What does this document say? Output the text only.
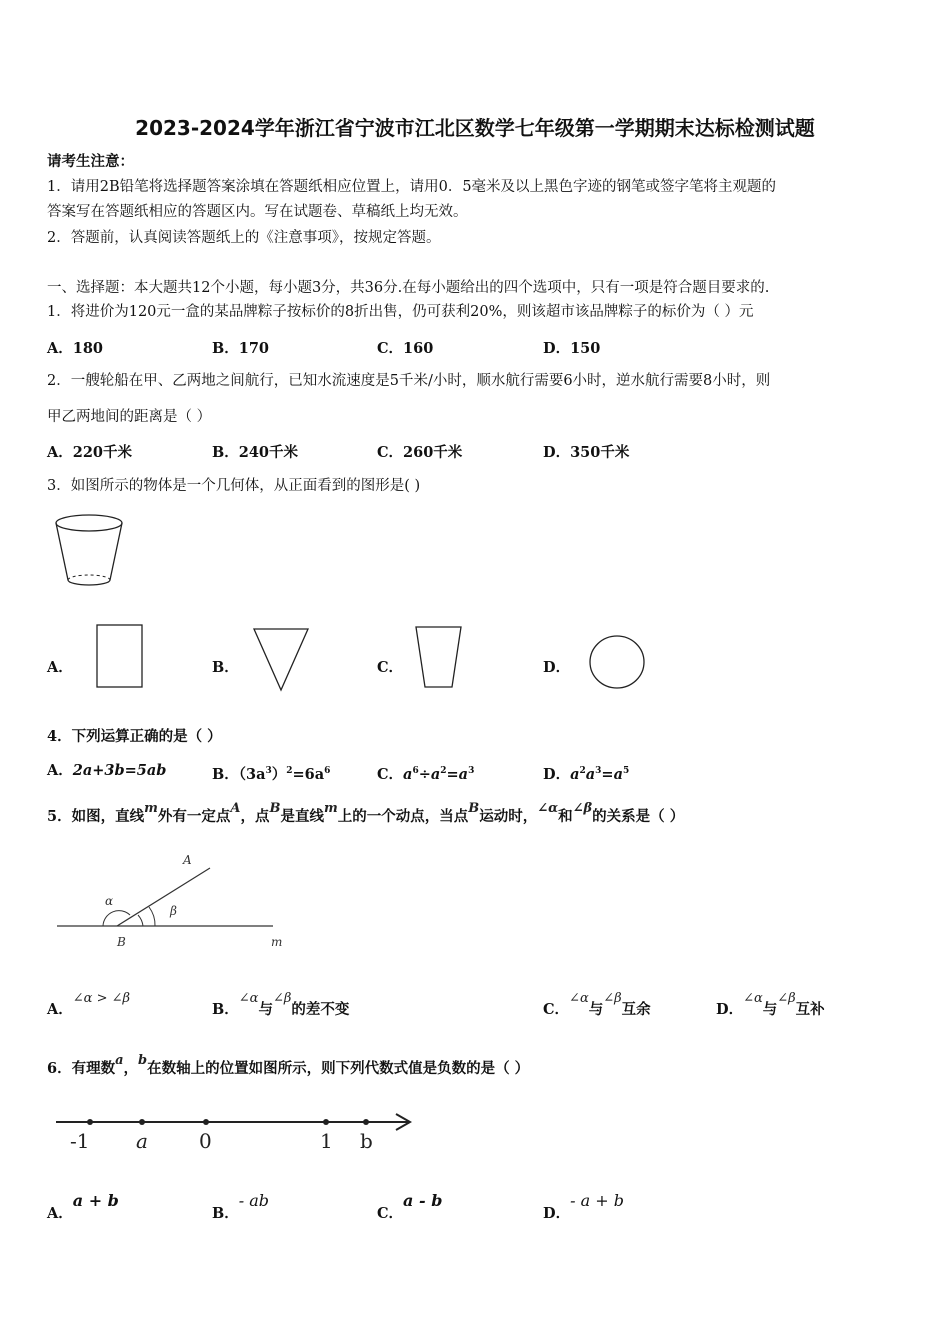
2023-2024学年浙江省宁波市江北区数学七年级第一学期期末达标检测试题
请考生注意：
1．请用2B铅笔将选择题答案涂填在答题纸相应位置上，请用0．5毫米及以上黑色字迹的钢笔或签字笔将主观题的
答案写在答题纸相应的答题区内。写在试题卷、草稿纸上均无效。
2．答题前，认真阅读答题纸上的《注意事项》，按规定答题。
一、选择题：本大题共12个小题，每小题3分，共36分.在每小题给出的四个选项中，只有一项是符合题目要求的.
1．将进价为120元一盒的某品牌粽子按标价的8折出售，仍可获利20%，则该超市该品牌粽子的标价为（ ）元
A．180	B．170	C．160	D．150
2．一艘轮船在甲、乙两地之间航行，已知水流速度是5千米/小时，顺水航行需要6小时，逆水航行需要8小时，则
甲乙两地间的距离是（ ）
A．220千米	B．240千米	C．260千米	D．350千米
3．如图所示的物体是一个几何体，从正面看到的图形是( )
A．	B．	C．	D．
4．下列运算正确的是（ ）
A．2a+3b=5ab	B．$(3a^3)^2=6a^6$	C．$a^6\div a^2=a^3$	D．$a^2a^3=a^5$
5．如图，直线m外有一定点A，点B是直线m上的一个动点，当点B运动时，∠α和∠β的关系是（ ）
A
α
β
B	m
A．∠α > ∠β
B．∠α与∠β的差不变	C．∠α与∠β互余	D．∠α与∠β互补
6．有理数a，b在数轴上的位置如图所示，则下列代数式值是负数的是（ ）
-1 a	0	1 b
A．a + b
B．- ab
C．a - b
D．- a + b
